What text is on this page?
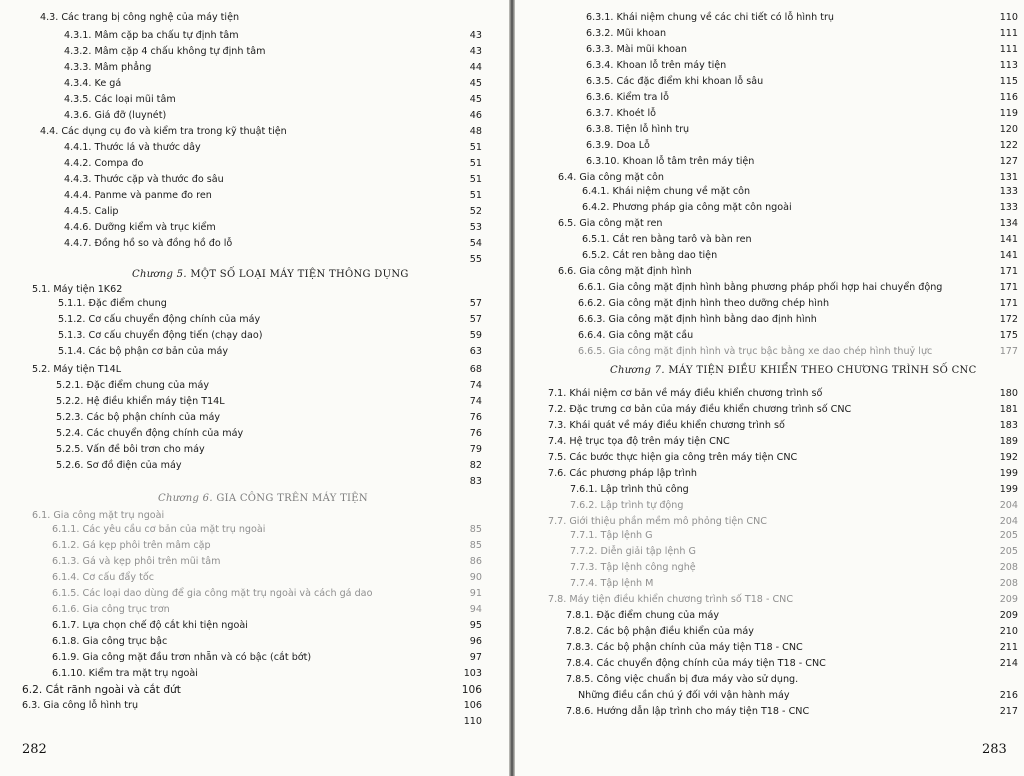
4.3. Các trang bị công nghệ của máy tiện
4.3.1. Mâm cặp ba chấu tự định tâm	43
4.3.2. Mâm cặp 4 chấu không tự định tâm	43
4.3.3. Mâm phẳng	44
4.3.4. Ke gá	45
4.3.5. Các loại mũi tâm	45
4.3.6. Giá đỡ (luynét)	46
4.4. Các dụng cụ đo và kiểm tra trong kỹ thuật tiện	48
4.4.1. Thước lá và thước dây	51
4.4.2. Compa đo	51
4.4.3. Thước cặp và thước đo sâu	51
4.4.4. Panme và panme đo ren	51
4.4.5. Calip	52
4.4.6. Dưỡng kiểm và trục kiểm	53
4.4.7. Đồng hồ so và đồng hồ đo lỗ	54
55
5.1. Máy tiện 1K62
5.1.1. Đặc điểm chung	57
5.1.2. Cơ cấu chuyển động chính của máy	57
5.1.3. Cơ cấu chuyển động tiến (chạy dao)	59
5.1.4. Các bộ phận cơ bản của máy	63
5.2. Máy tiện T14L	68
5.2.1. Đặc điểm chung của máy	74
5.2.2. Hệ điều khiển máy tiện T14L	74
5.2.3. Các bộ phận chính của máy	76
5.2.4. Các chuyển động chính của máy	76
5.2.5. Vấn đề bôi trơn cho máy	79
5.2.6. Sơ đồ điện của máy	82
83
6.1. Gia công mặt trụ ngoài
6.1.1. Các yêu cầu cơ bản của mặt trụ ngoài	85
6.1.2. Gá kẹp phôi trên mâm cặp	85
6.1.3. Gá và kẹp phôi trên mũi tâm	86
6.1.4. Cơ cấu đẩy tốc	90
6.1.5. Các loại dao dùng để gia công mặt trụ ngoài và cách gá dao	91
6.1.6. Gia công trục trơn	94
6.1.7. Lựa chọn chế độ cắt khi tiện ngoài	95
6.1.8. Gia công trục bậc	96
6.1.9. Gia công mặt đầu trơn nhẵn và có bậc (cắt bớt)	97
6.1.10. Kiểm tra mặt trụ ngoài	103
6.2. Cắt rãnh ngoài và cắt đứt	106
6.3. Gia công lỗ hình trụ	106
110
Chương 5. MỘT SỐ LOẠI MÁY TIỆN THÔNG DỤNG
Chương 6. GIA CÔNG TRÊN MÁY TIỆN
282
6.3.1. Khái niệm chung về các chi tiết có lỗ hình trụ	110
6.3.2. Mũi khoan	111
6.3.3. Mài mũi khoan	111
6.3.4. Khoan lỗ trên máy tiện	113
6.3.5. Các đặc điểm khi khoan lỗ sâu	115
6.3.6. Kiểm tra lỗ	116
6.3.7. Khoét lỗ	119
6.3.8. Tiện lỗ hình trụ	120
6.3.9. Doa Lỗ	122
6.3.10. Khoan lỗ tâm trên máy tiện	127
6.4. Gia công mặt côn	131
6.4.1. Khái niệm chung về mặt côn	133
6.4.2. Phương pháp gia công mặt côn ngoài	133
6.5. Gia công mặt ren	134
6.5.1. Cắt ren bằng tarô và bàn ren	141
6.5.2. Cắt ren bằng dao tiện	141
6.6. Gia công mặt định hình	171
6.6.1. Gia công mặt định hình bằng phương pháp phối hợp hai chuyển động	171
6.6.2. Gia công mặt định hình theo dưỡng chép hình	171
6.6.3. Gia công mặt định hình bằng dao định hình	172
6.6.4. Gia công mặt cầu	175
6.6.5. Gia công mặt định hình và trục bậc bằng xe dao chép hình thuỷ lực	177
7.1. Khái niệm cơ bản về máy điều khiển chương trình số	180
7.2. Đặc trưng cơ bản của máy điều khiển chương trình số CNC	181
7.3. Khái quát về máy điều khiển chương trình số	183
7.4. Hệ trục tọa độ trên máy tiện CNC	189
7.5. Các bước thực hiện gia công trên máy tiện CNC	192
7.6. Các phương pháp lập trình	199
7.6.1. Lập trình thủ công	199
7.6.2. Lập trình tự động	204
7.7. Giới thiệu phần mềm mô phỏng tiện CNC	204
7.7.1. Tập lệnh G	205
7.7.2. Diễn giải tập lệnh G	205
7.7.3. Tập lệnh công nghệ	208
7.7.4. Tập lệnh M	208
7.8. Máy tiện điều khiển chương trình số T18 - CNC	209
7.8.1. Đặc điểm chung của máy	209
7.8.2. Các bộ phận điều khiển của máy	210
7.8.3. Các bộ phận chính của máy tiện T18 - CNC	211
7.8.4. Các chuyển động chính của máy tiện T18 - CNC	214
7.8.5. Công việc chuẩn bị đưa máy vào sử dụng.
Những điều cần chú ý đối với vận hành máy	216
7.8.6. Hướng dẫn lập trình cho máy tiện T18 - CNC	217
Chương 7. MÁY TIỆN ĐIỀU KHIỂN THEO CHƯƠNG TRÌNH SỐ CNC
283
